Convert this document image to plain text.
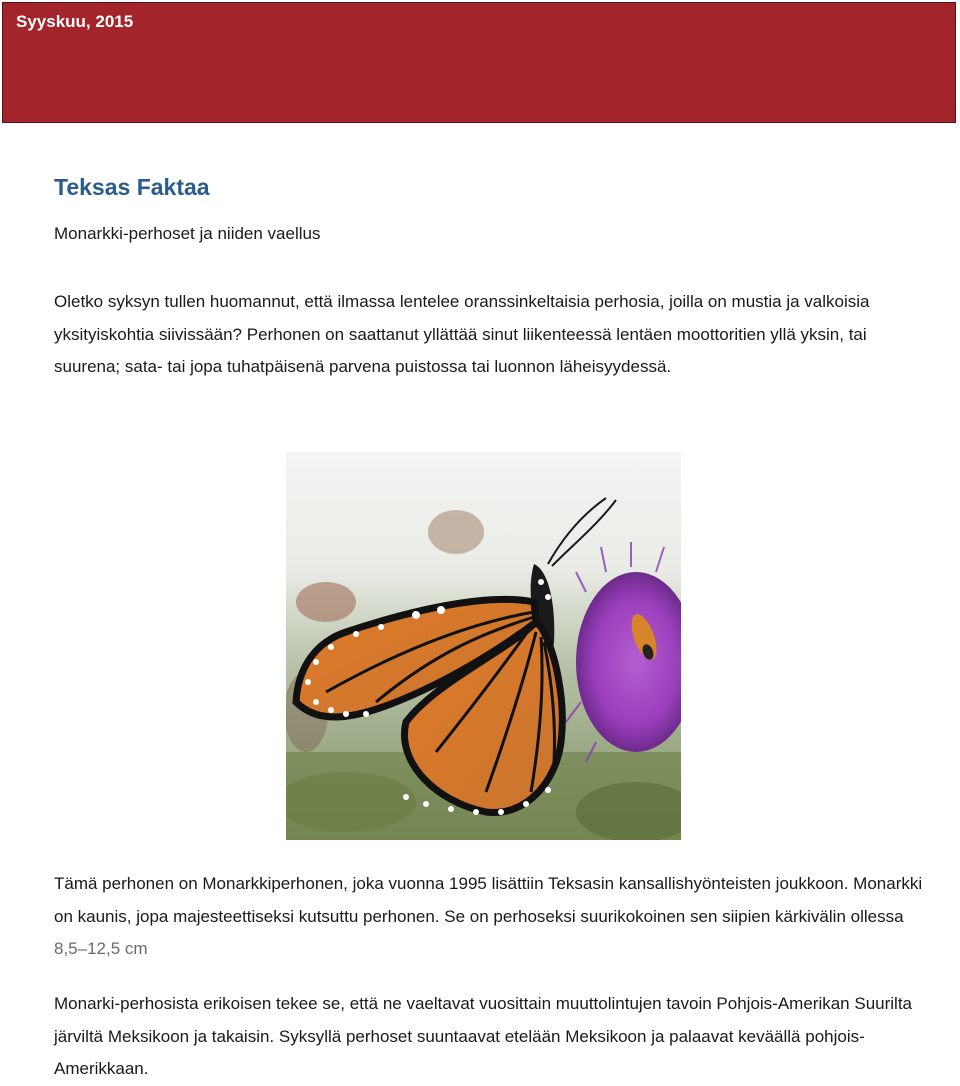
Syyskuu, 2015
Teksas Faktaa

Monarkki-perhoset ja niiden vaellus

Oletko syksyn tullen huomannut, että ilmassa lentelee oranssinkeltaisia perhosia, joilla on mustia ja valkoisia yksityiskohtia siivissään? Perhonen on saattanut yllättää sinut liikenteessä lentäen moottoritien yllä yksin, tai suurena; sata- tai jopa tuhatpäisenä parvena puistossa tai luonnon läheisyydessä.

Tämä perhonen on Monarkkiperhonen, joka vuonna 1995 lisättiin Teksasin kansallishyönteisten joukkoon. Monarkki on kaunis, jopa majesteettiseksi kutsuttu perhonen. Se on perhoseksi suurikokoinen sen siipien kärkivälin ollessa 8,5–12,5 cm

Monarki-perhosista erikoisen tekee se, että ne vaeltavat vuosittain muuttolintujen tavoin Pohjois-Amerikan Suurilta järviltä Meksikoon ja takaisin. Syksyllä perhoset suuntaavat etelään Meksikoon ja palaavat keväällä pohjois-Amerikkaan.
